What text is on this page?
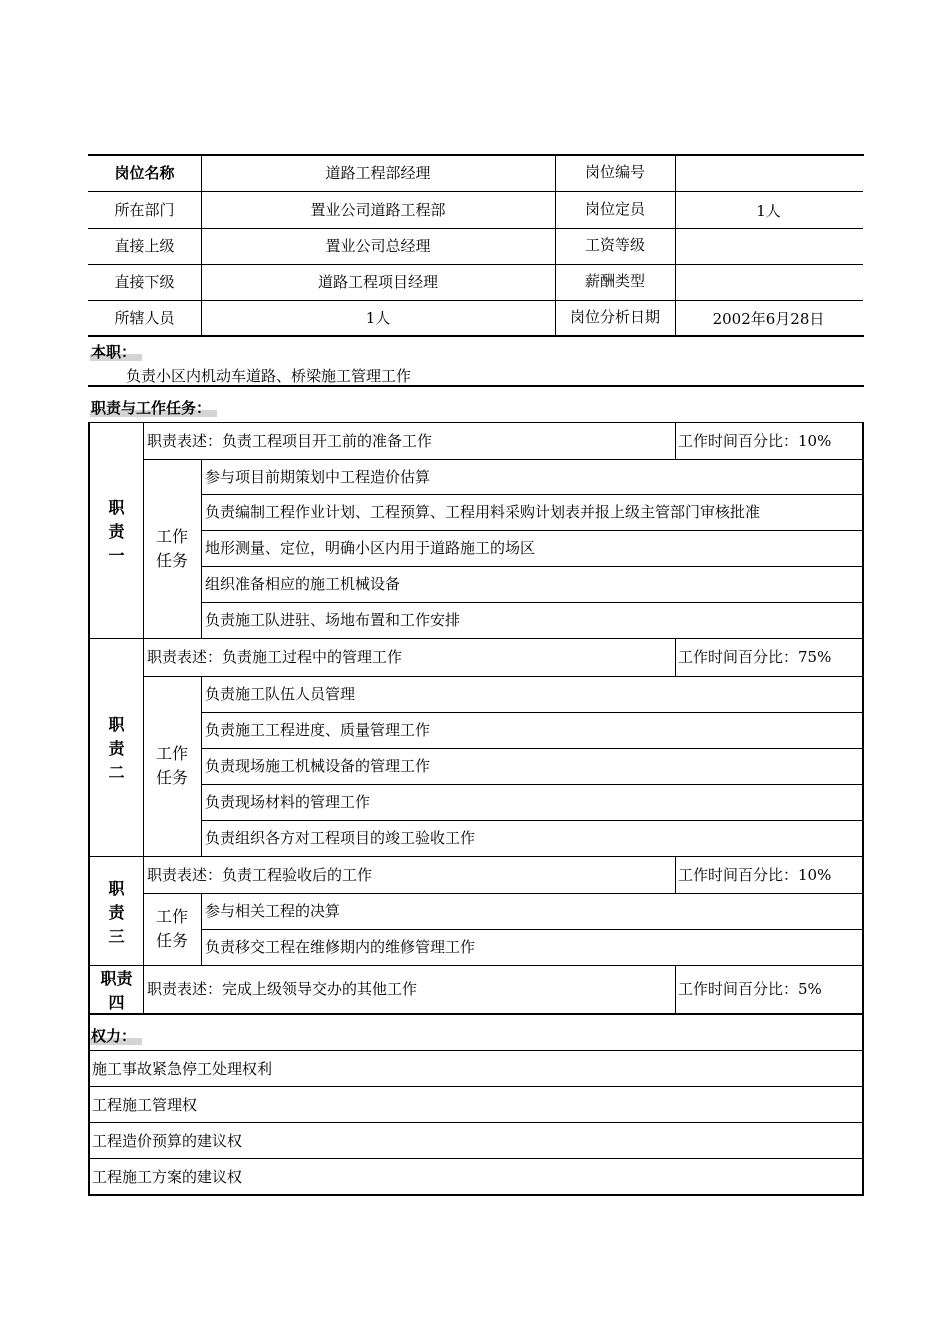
岗位名称	道路工程部经理	岗位编号
所在部门	置业公司道路工程部	岗位定员	1人
直接上级	置业公司总经理	工资等级
直接下级	道路工程项目经理	薪酬类型
所辖人员	1人	岗位分析日期	2002年6月28日
本职：
负责小区内机动车道路、桥梁施工管理工作
职责与工作任务：
职
责
一
职责表述：负责工程项目开工前的准备工作	工作时间百分比：10%
工作
任务
参与项目前期策划中工程造价估算
负责编制工程作业计划、工程预算、工程用料采购计划表并报上级主管部门审核批准
地形测量、定位，明确小区内用于道路施工的场区
组织准备相应的施工机械设备
负责施工队进驻、场地布置和工作安排
职
责
二
职责表述：负责施工过程中的管理工作	工作时间百分比：75%
工作
任务
负责施工队伍人员管理
负责施工工程进度、质量管理工作
负责现场施工机械设备的管理工作
负责现场材料的管理工作
负责组织各方对工程项目的竣工验收工作
职
责
三
职责表述：负责工程验收后的工作	工作时间百分比：10%
工作
任务
参与相关工程的决算
负责移交工程在维修期内的维修管理工作
职责
四
职责表述：完成上级领导交办的其他工作	工作时间百分比：5%
权力：
施工事故紧急停工处理权利
工程施工管理权
工程造价预算的建议权
工程施工方案的建议权
